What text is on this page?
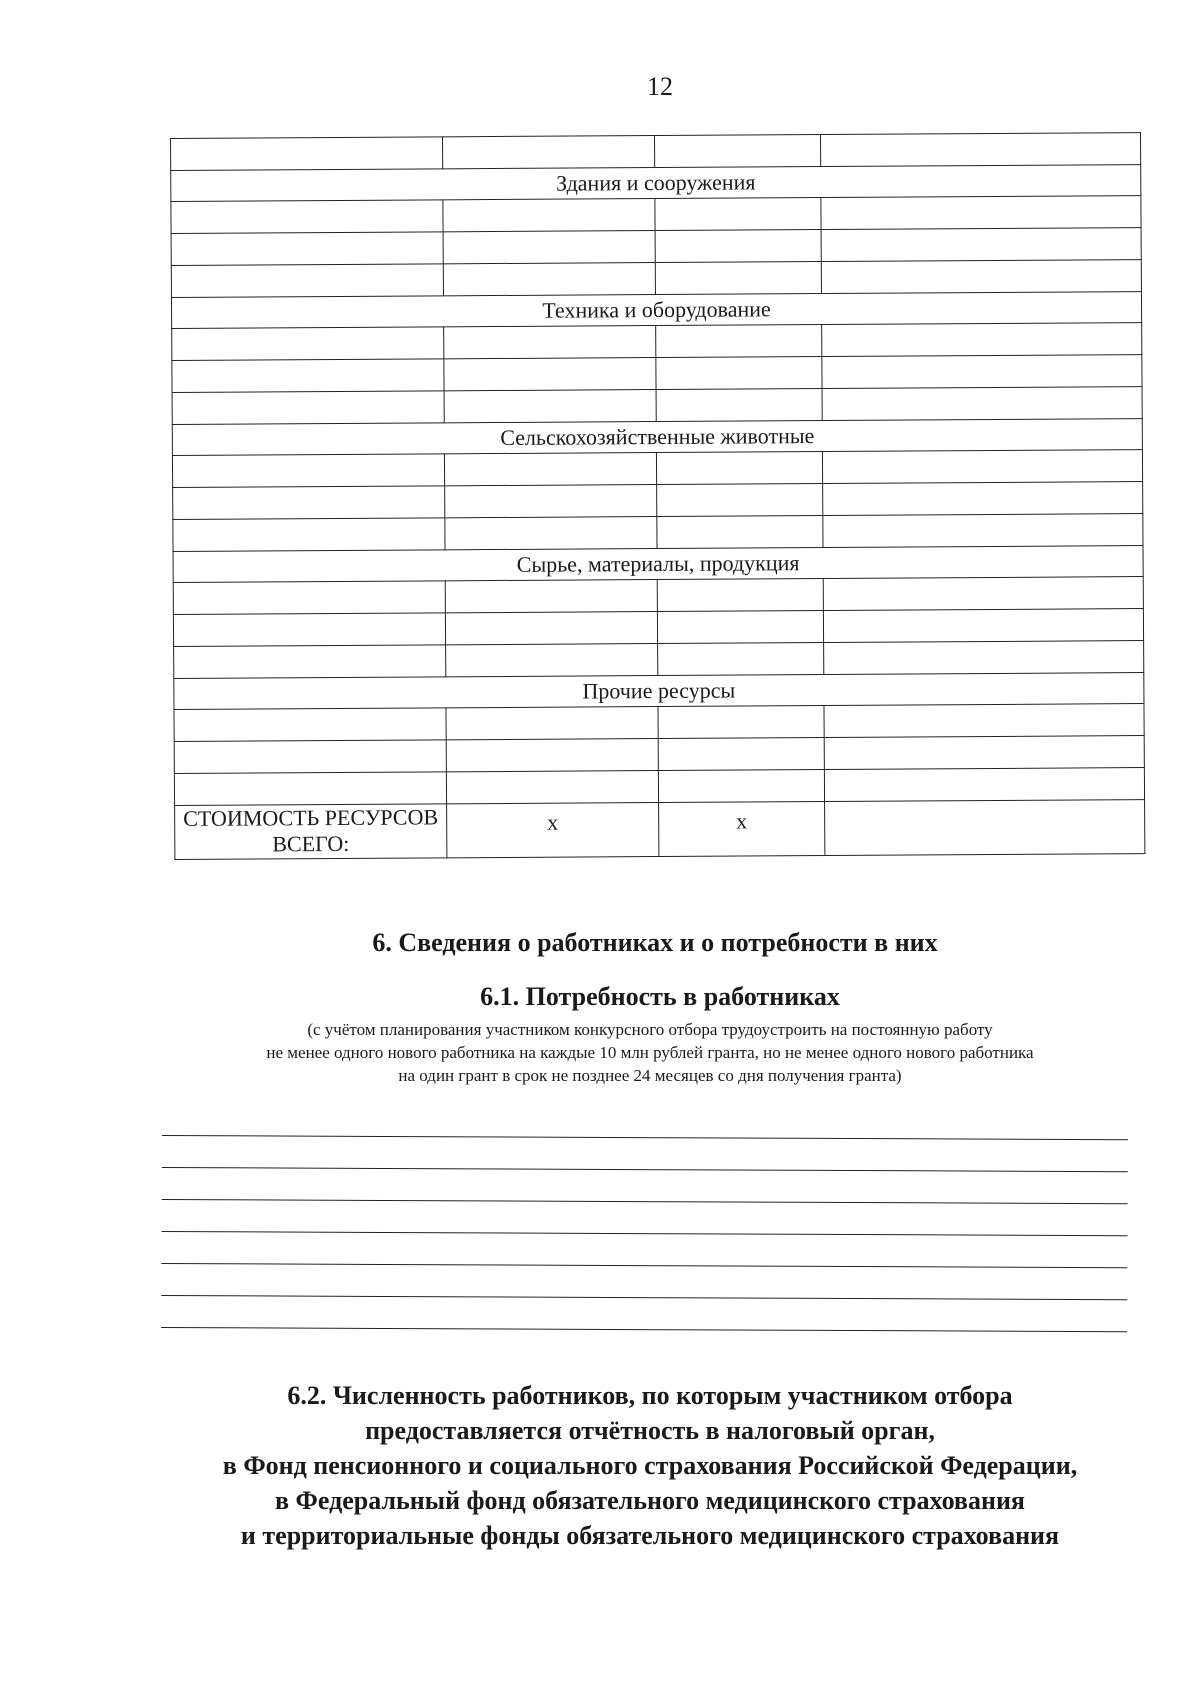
12

Здания и сооружения			

Техника и оборудование			

Сельскохозяйственные животные			

Сырье, материалы, продукция			

Прочие ресурсы			

СТОИМОСТЬ РЕСУРСОВ ВСЕГО:	x	x	
6. Сведения о работниках и о потребности в них
6.1. Потребность в работниках
(с учётом планирования участником конкурсного отбора трудоустроить на постоянную работу
не менее одного нового работника на каждые 10 млн рублей гранта, но не менее одного нового работника
на один грант в срок не позднее 24 месяцев со дня получения гранта)
6.2. Численность работников, по которым участником отбора
предоставляется отчётность в налоговый орган,
в Фонд пенсионного и социального страхования Российской Федерации,
в Федеральный фонд обязательного медицинского страхования
и территориальные фонды обязательного медицинского страхования
